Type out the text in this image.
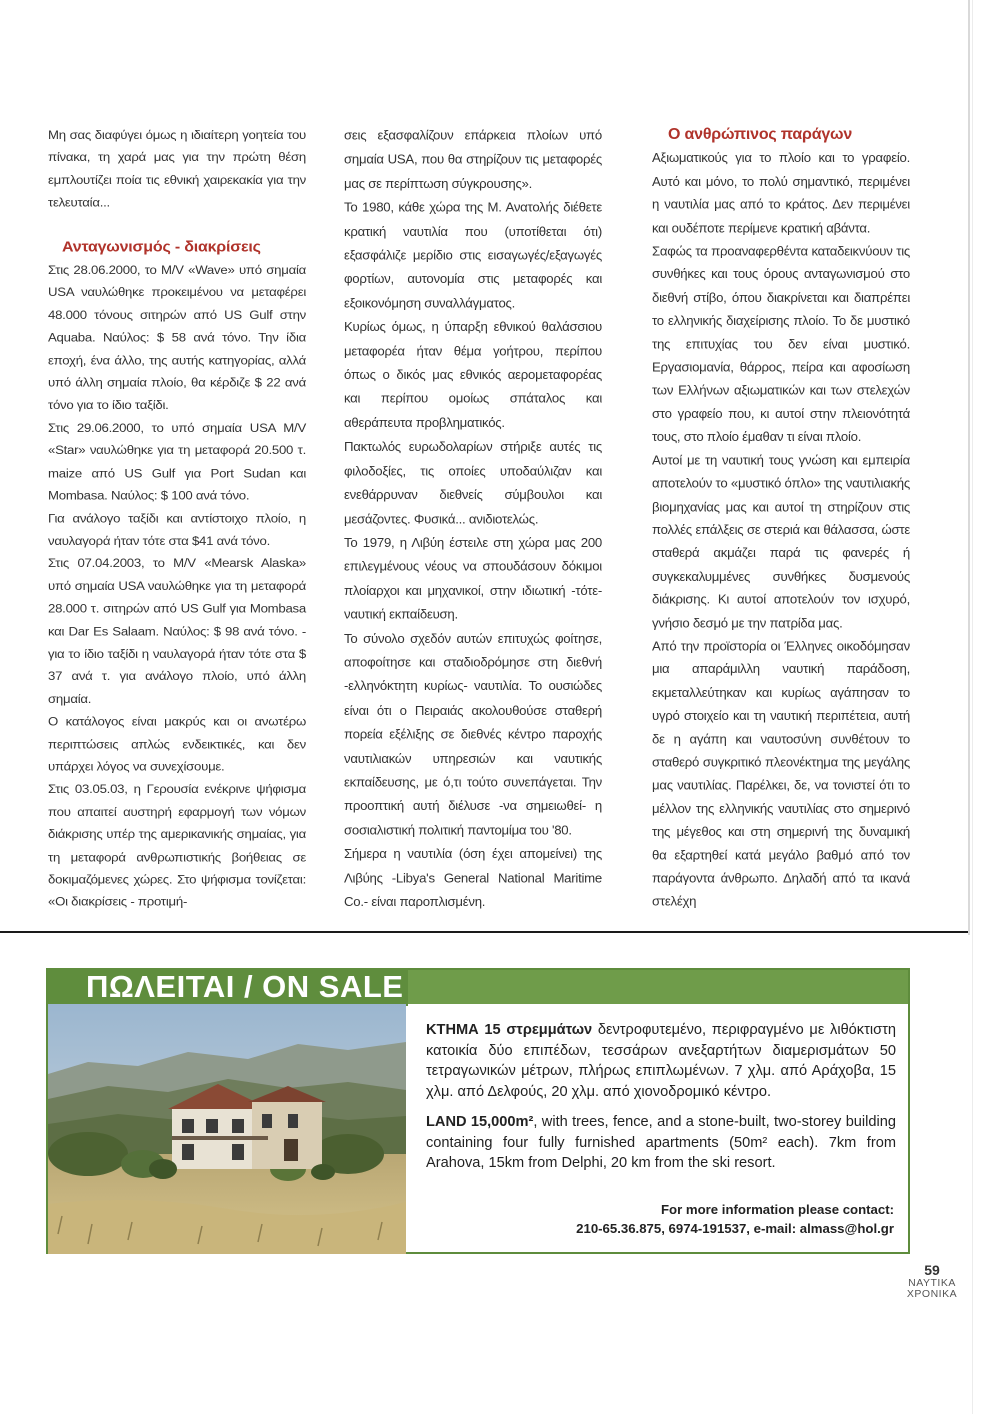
Μη σας διαφύγει όμως η ιδιαίτερη γοητεία του πίνακα, τη χαρά μας για την πρώτη θέση εμπλουτίζει ποία τις εθνική χαιρεκακία για την τελευταία...

Ανταγωνισμός - διακρίσεις

Στις 28.06.2000, το M/V «Wave» υπό σημαία USA ναυλώθηκε προκειμένου να μεταφέρει 48.000 τόνους σιτηρών από US Gulf στην Aquaba. Ναύλος: $ 58 ανά τόνο. Την ίδια εποχή, ένα άλλο, της αυτής κατηγορίας, αλλά υπό άλλη σημαία πλοίο, θα κέρδιζε $ 22 ανά τόνο για το ίδιο ταξίδι.

Στις 29.06.2000, το υπό σημαία USA M/V «Star» ναυλώθηκε για τη μεταφορά 20.500 τ. maize από US Gulf για Port Sudan και Mombasa. Ναύλος: $ 100 ανά τόνο.

Για ανάλογο ταξίδι και αντίστοιχο πλοίο, η ναυλαγορά ήταν τότε στα $41 ανά τόνο.

Στις 07.04.2003, το M/V «Mearsk Alaska» υπό σημαία USA ναυλώθηκε για τη μεταφορά 28.000 τ. σιτηρών από US Gulf για Mombasa και Dar Es Salaam. Ναύλος: $ 98 ανά τόνο. - για το ίδιο ταξίδι η ναυλαγορά ήταν τότε στα $ 37 ανά τ. για ανάλογο πλοίο, υπό άλλη σημαία.

Ο κατάλογος είναι μακρύς και οι ανωτέρω περιπτώσεις απλώς ενδεικτικές, και δεν υπάρχει λόγος να συνεχίσουμε.

Στις 03.05.03, η Γερουσία ενέκρινε ψήφισμα που απαιτεί αυστηρή εφαρμογή των νόμων διάκρισης υπέρ της αμερικανικής σημαίας, για τη μεταφορά ανθρωπιστικής βοήθειας σε δοκιμαζόμενες χώρες. Στο ψήφισμα τονίζεται: «Οι διακρίσεις - προτιμή-

σεις εξασφαλίζουν επάρκεια πλοίων υπό σημαία USA, που θα στηρίζουν τις μεταφορές μας σε περίπτωση σύγκρουσης».

Το 1980, κάθε χώρα της Μ. Ανατολής διέθετε κρατική ναυτιλία που (υποτίθεται ότι) εξασφάλιζε μερίδιο στις εισαγωγές/εξαγωγές φορτίων, αυτονομία στις μεταφορές και εξοικονόμηση συναλλάγματος.

Κυρίως όμως, η ύπαρξη εθνικού θαλάσσιου μεταφορέα ήταν θέμα γοήτρου, περίπου όπως ο δικός μας εθνικός αερομεταφορέας και περίπου ομοίως σπάταλος και αθεράπευτα προβληματικός.

Πακτωλός ευρωδολαρίων στήριξε αυτές τις φιλοδοξίες, τις οποίες υποδαύλιζαν και ενεθάρρυναν διεθνείς σύμβουλοι και μεσάζοντες. Φυσικά... ανιδιοτελώς.

Το 1979, η Λιβύη έστειλε στη χώρα μας 200 επιλεγμένους νέους να σπουδάσουν δόκιμοι πλοίαρχοι και μηχανικοί, στην ιδιωτική -τότε- ναυτική εκπαίδευση.

Το σύνολο σχεδόν αυτών επιτυχώς φοίτησε, αποφοίτησε και σταδιοδρόμησε στη διεθνή -ελληνόκτητη κυρίως- ναυτιλία. Το ουσιώδες είναι ότι ο Πειραιάς ακολουθούσε σταθερή πορεία εξέλιξης σε διεθνές κέντρο παροχής ναυτιλιακών υπηρεσιών και ναυτικής εκπαίδευσης, με ό,τι τούτο συνεπάγεται. Την προοπτική αυτή διέλυσε -να σημειωθεί- η σοσιαλιστική πολιτική παντομίμα του '80.

Σήμερα η ναυτιλία (όση έχει απομείνει) της Λιβύης -Libya's General National Maritime Co.- είναι παροπλισμένη.

Ο ανθρώπινος παράγων

Αξιωματικούς για το πλοίο και το γραφείο. Αυτό και μόνο, το πολύ σημαντικό, περιμένει η ναυτιλία μας από το κράτος. Δεν περιμένει και ουδέποτε περίμενε κρατική αβάντα.

Σαφώς τα προαναφερθέντα καταδεικνύουν τις συνθήκες και τους όρους ανταγωνισμού στο διεθνή στίβο, όπου διακρίνεται και διαπρέπει το ελληνικής διαχείρισης πλοίο. Το δε μυστικό της επιτυχίας του δεν είναι μυστικό. Εργασιομανία, θάρρος, πείρα και αφοσίωση των Ελλήνων αξιωματικών και των στελεχών στο γραφείο που, κι αυτοί στην πλειονότητά τους, στο πλοίο έμαθαν τι είναι πλοίο.

Αυτοί με τη ναυτική τους γνώση και εμπειρία αποτελούν το «μυστικό όπλο» της ναυτιλιακής βιομηχανίας μας και αυτοί τη στηρίζουν στις πολλές επάλξεις σε στεριά και θάλασσα, ώστε σταθερά ακμάζει παρά τις φανερές ή συγκεκαλυμμένες συνθήκες δυσμενούς διάκρισης. Κι αυτοί αποτελούν τον ισχυρό, γνήσιο δεσμό με την πατρίδα μας.

Από την προϊστορία οι Έλληνες οικοδόμησαν μια απαράμιλλη ναυτική παράδοση, εκμεταλλεύτηκαν και κυρίως αγάπησαν το υγρό στοιχείο και τη ναυτική περιπέτεια, αυτή δε η αγάπη και ναυτοσύνη συνθέτουν το σταθερό συγκριτικό πλεονέκτημα της μεγάλης μας ναυτιλίας. Παρέλκει, δε, να τονιστεί ότι το μέλλον της ελληνικής ναυτιλίας στο σημερινό της μέγεθος και στη σημερινή της δυναμική θα εξαρτηθεί κατά μεγάλο βαθμό από τον παράγοντα άνθρωπο. Δηλαδή από τα ικανά στελέχη

ΠΩΛΕΙΤΑΙ / ON SALE

ΚΤΗΜΑ 15 στρεμμάτων δεντροφυτεμένο, περιφραγμένο με λιθόκτιστη κατοικία δύο επιπέδων, τεσσάρων ανεξαρτήτων διαμερισμάτων 50 τετραγωνικών μέτρων, πλήρως επιπλωμένων. 7 χλμ. από Αράχοβα, 15 χλμ. από Δελφούς, 20 χλμ. από χιονοδρομικό κέντρο.

LAND 15,000m², with trees, fence, and a stone-built, two-storey building containing four fully furnished apartments (50m² each). 7km from Arahova, 15km from Delphi, 20 km from the ski resort.

For more information please contact:
210-65.36.875, 6974-191537, e-mail: almass@hol.gr
59
ΝΑΥΤΙΚΑ
ΧΡΟΝΙΚΑ
